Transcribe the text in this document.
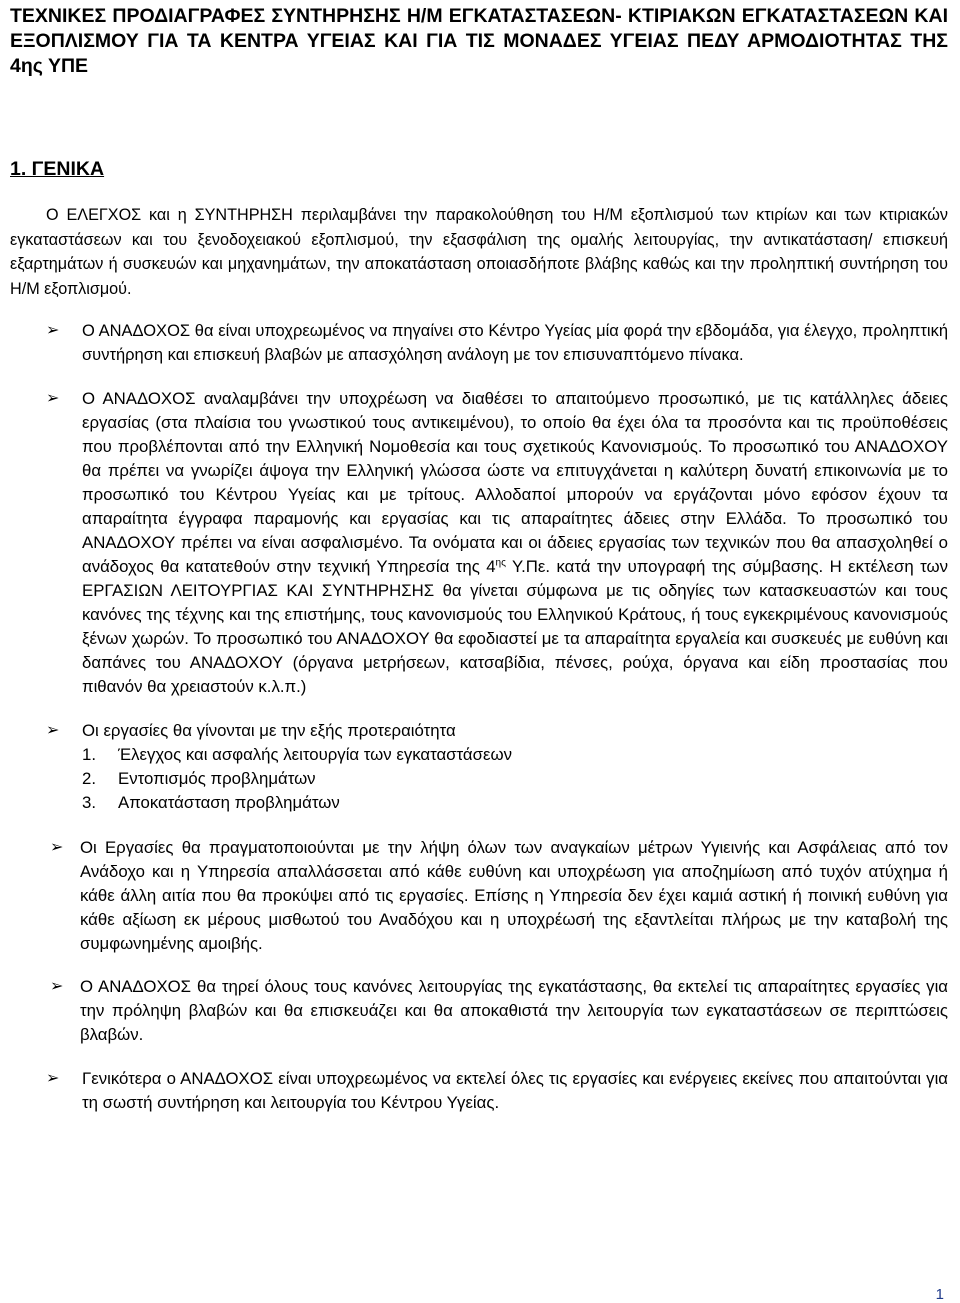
ΤΕΧΝΙΚΕΣ ΠΡΟΔΙΑΓΡΑΦΕΣ ΣΥΝΤΗΡΗΣΗΣ Η/Μ ΕΓΚΑΤΑΣΤΑΣΕΩΝ- ΚΤΙΡΙΑΚΩΝ ΕΓΚΑΤΑΣΤΑΣΕΩΝ ΚΑΙ ΕΞΟΠΛΙΣΜΟΥ ΓΙΑ ΤΑ ΚΕΝΤΡΑ ΥΓΕΙΑΣ ΚΑΙ ΓΙΑ ΤΙΣ ΜΟΝΑΔΕΣ ΥΓΕΙΑΣ ΠΕΔΥ ΑΡΜΟΔΙΟΤΗΤΑΣ ΤΗΣ 4ης ΥΠΕ
1. ΓΕΝΙΚΑ

Ο ΕΛΕΓΧΟΣ και η ΣΥΝΤΗΡΗΣΗ περιλαμβάνει την παρακολούθηση του Η/Μ εξοπλισμού των κτιρίων και των κτιριακών εγκαταστάσεων και του ξενοδοχειακού εξοπλισμού, την εξασφάλιση της ομαλής λειτουργίας, την αντικατάσταση/ επισκευή εξαρτημάτων ή συσκευών και μηχανημάτων, την αποκατάσταση οποιασδήποτε βλάβης καθώς και την προληπτική συντήρηση του Η/Μ εξοπλισμού.

➢ Ο ΑΝΑΔΟΧΟΣ θα είναι υποχρεωμένος να πηγαίνει στο Κέντρο Υγείας μία φορά την εβδομάδα, για έλεγχο, προληπτική συντήρηση και επισκευή βλαβών με απασχόληση ανάλογη με τον επισυναπτόμενο πίνακα.
➢ Ο ΑΝΑΔΟΧΟΣ αναλαμβάνει την υποχρέωση να διαθέσει το απαιτούμενο προσωπικό, με τις κατάλληλες άδειες εργασίας (στα πλαίσια του γνωστικού τους αντικειμένου), το οποίο θα έχει όλα τα προσόντα και τις προϋποθέσεις που προβλέπονται από την Ελληνική Νομοθεσία και τους σχετικούς Κανονισμούς. Το προσωπικό του ΑΝΑΔΟΧΟΥ θα πρέπει να γνωρίζει άψογα την Ελληνική γλώσσα ώστε να επιτυγχάνεται η καλύτερη δυνατή επικοινωνία με το προσωπικό του Κέντρου Υγείας και με τρίτους. Αλλοδαποί μπορούν να εργάζονται μόνο εφόσον έχουν τα απαραίτητα έγγραφα παραμονής και εργασίας και τις απαραίτητες άδειες στην Ελλάδα. Το προσωπικό του ΑΝΑΔΟΧΟΥ πρέπει να είναι ασφαλισμένο. Τα ονόματα και οι άδειες εργασίας των τεχνικών που θα απασχοληθεί ο ανάδοχος θα κατατεθούν στην τεχνική Υπηρεσία της $4^{\eta\varsigma}$ Υ.Πε. κατά την υπογραφή της σύμβασης. Η εκτέλεση των ΕΡΓΑΣΙΩΝ ΛΕΙΤΟΥΡΓΙΑΣ ΚΑΙ ΣΥΝΤΗΡΗΣΗΣ θα γίνεται σύμφωνα με τις οδηγίες των κατασκευαστών και τους κανόνες της τέχνης και της επιστήμης, τους κανονισμούς του Ελληνικού Κράτους, ή τους εγκεκριμένους κανονισμούς ξένων χωρών. Το προσωπικό του ΑΝΑΔΟΧΟΥ θα εφοδιαστεί με τα απαραίτητα εργαλεία και συσκευές με ευθύνη και δαπάνες του ΑΝΑΔΟΧΟΥ (όργανα μετρήσεων, κατσαβίδια, πένσες, ρούχα, όργανα και είδη προστασίας που πιθανόν θα χρειαστούν κ.λ.π.)
➢ Οι εργασίες θα γίνονται με την εξής προτεραιότητα
1. Έλεγχος και ασφαλής λειτουργία των εγκαταστάσεων
2. Εντοπισμός προβλημάτων
3. Αποκατάσταση προβλημάτων
➢ Οι Εργασίες θα πραγματοποιούνται με την λήψη όλων των αναγκαίων μέτρων Υγιεινής και Ασφάλειας από τον Ανάδοχο και η Υπηρεσία απαλλάσσεται από κάθε ευθύνη και υποχρέωση για αποζημίωση από τυχόν ατύχημα ή κάθε άλλη αιτία που θα προκύψει από τις εργασίες. Επίσης η Υπηρεσία δεν έχει καμιά αστική ή ποινική ευθύνη για κάθε αξίωση εκ μέρους μισθωτού του Αναδόχου και η υποχρέωσή της εξαντλείται πλήρως με την καταβολή της συμφωνημένης αμοιβής.
➢ Ο ΑΝΑΔΟΧΟΣ θα τηρεί όλους τους κανόνες λειτουργίας της εγκατάστασης, θα εκτελεί τις απαραίτητες εργασίες για την πρόληψη βλαβών και θα επισκευάζει και θα αποκαθιστά την λειτουργία των εγκαταστάσεων σε περιπτώσεις βλαβών.
➢ Γενικότερα ο ΑΝΑΔΟΧΟΣ είναι υποχρεωμένος να εκτελεί όλες τις εργασίες και ενέργειες εκείνες που απαιτούνται για τη σωστή συντήρηση και λειτουργία του Κέντρου Υγείας.
1
